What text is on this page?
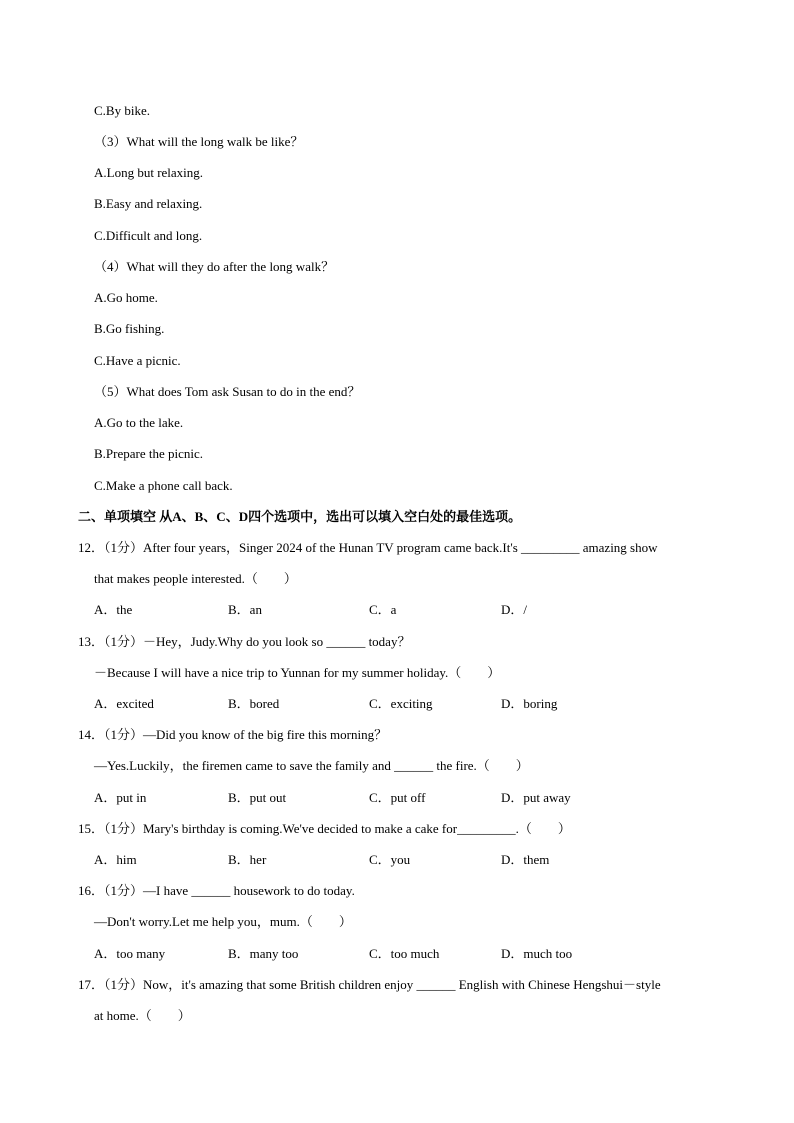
C.By bike.
（3）What will the long walk be like？
A.Long but relaxing.
B.Easy and relaxing.
C.Difficult and long.
（4）What will they do after the long walk？
A.Go home.
B.Go fishing.
C.Have a picnic.
（5）What does Tom ask Susan to do in the end？
A.Go to the lake.
B.Prepare the picnic.
C.Make a phone call back.
二、单项填空 从A、B、C、D四个选项中，选出可以填入空白处的最佳选项。
12．（1分）After four years，Singer 2024 of the Hunan TV program came back.It's _________ amazing show
that makes people interested.（　　）
A．the	B．an	C．a	D．/
13．（1分）－Hey，Judy.Why do you look so ______ today？
－Because I will have a nice trip to Yunnan for my summer holiday.（　　）
A．excited	B．bored	C．exciting	D．boring
14．（1分）—Did you know of the big fire this morning？
—Yes.Luckily，the firemen came to save the family and ______ the fire.（　　）
A．put in	B．put out	C．put off	D．put away
15．（1分）Mary's birthday is coming.We've decided to make a cake for_________.（　　）
A．him	B．her	C．you	D．them
16．（1分）—I have ______ housework to do today.
—Don't worry.Let me help you，mum.（　　）
A．too many	B．many too	C．too much	D．much too
17．（1分）Now，it's amazing that some British children enjoy ______ English with Chinese Hengshui－style
at home.（　　）
